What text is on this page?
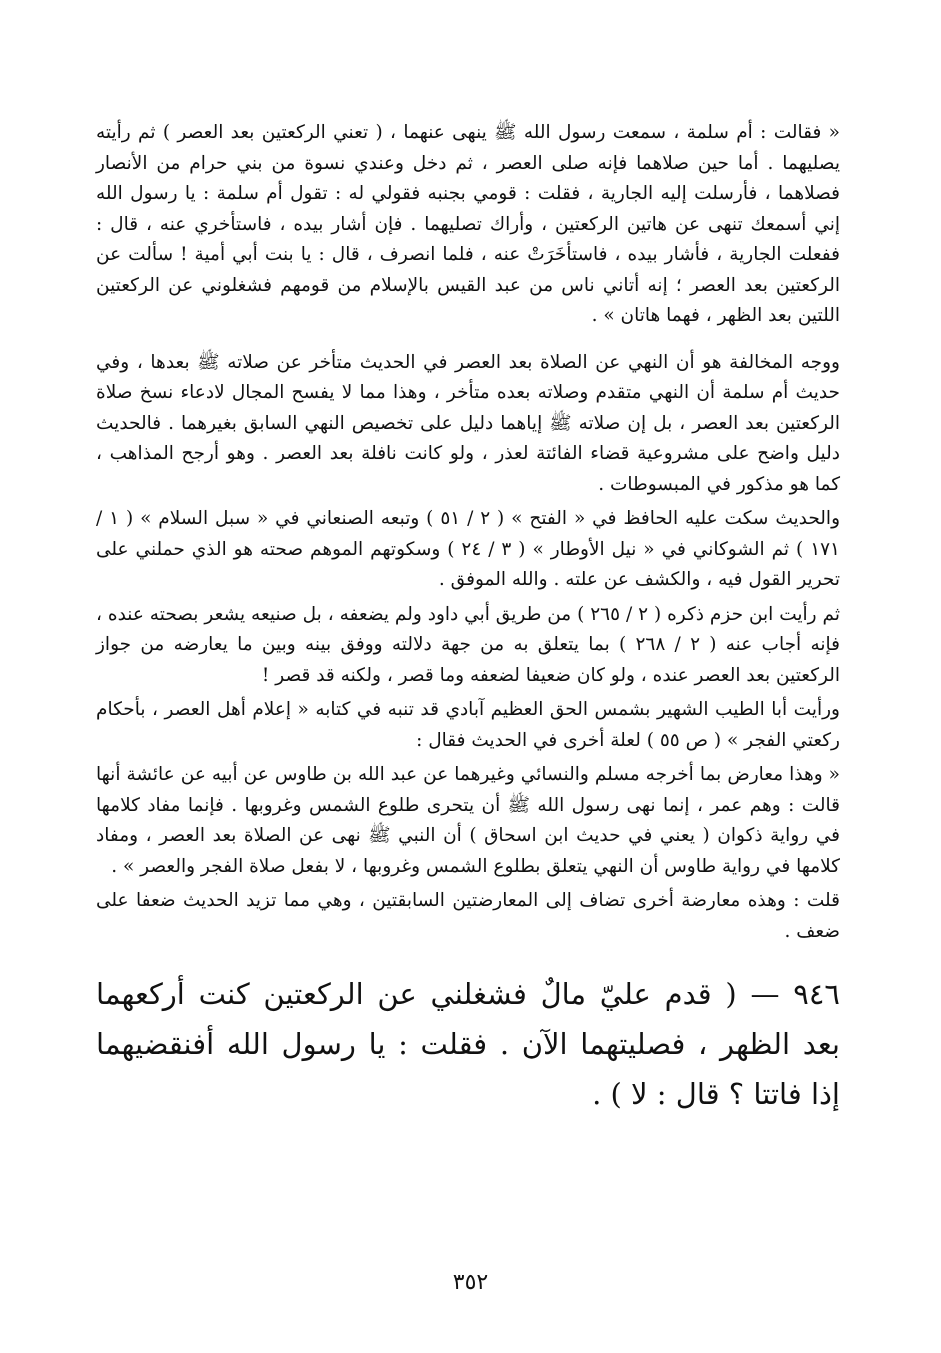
« فقالت : أم سلمة ، سمعت رسول الله ﷺ ينهى عنهما ، ( تعني الركعتين بعد العصر ) ثم رأيته يصليهما . أما حين صلاهما فإنه صلى العصر ، ثم دخل وعندي نسوة من بني حرام من الأنصار فصلاهما ، فأرسلت إليه الجارية ، فقلت : قومي بجنبه فقولي له : تقول أم سلمة : يا رسول الله إني أسمعك تنهى عن هاتين الركعتين ، وأراك تصليهما . فإن أشار بيده ، فاستأخري عنه ، قال : ففعلت الجارية ، فأشار بيده ، فاستأخَرَتْ عنه ، فلما انصرف ، قال : يا بنت أبي أمية ! سألت عن الركعتين بعد العصر ؛ إنه أتاني ناس من عبد القيس بالإسلام من قومهم فشغلوني عن الركعتين اللتين بعد الظهر ، فهما هاتان » .

ووجه المخالفة هو أن النهي عن الصلاة بعد العصر في الحديث متأخر عن صلاته ﷺ بعدها ، وفي حديث أم سلمة أن النهي متقدم وصلاته بعده متأخر ، وهذا مما لا يفسح المجال لادعاء نسخ صلاة الركعتين بعد العصر ، بل إن صلاته ﷺ إياهما دليل على تخصيص النهي السابق بغيرهما . فالحديث دليل واضح على مشروعية قضاء الفائتة لعذر ، ولو كانت نافلة بعد العصر . وهو أرجح المذاهب ، كما هو مذكور في المبسوطات .

والحديث سكت عليه الحافظ في « الفتح » ( ٢ / ٥١ ) وتبعه الصنعاني في « سبل السلام » ( ١ / ١٧١ ) ثم الشوكاني في « نيل الأوطار » ( ٣ / ٢٤ ) وسكوتهم الموهم صحته هو الذي حملني على تحرير القول فيه ، والكشف عن علته . والله الموفق .

ثم رأيت ابن حزم ذكره ( ٢ / ٢٦٥ ) من طريق أبي داود ولم يضعفه ، بل صنيعه يشعر بصحته عنده ، فإنه أجاب عنه ( ٢ / ٢٦٨ ) بما يتعلق به من جهة دلالته ووفق بينه وبين ما يعارضه من جواز الركعتين بعد العصر عنده ، ولو كان ضعيفا لضعفه وما قصر ، ولكنه قد قصر !

ورأيت أبا الطيب الشهير بشمس الحق العظيم آبادي قد تنبه في كتابه « إعلام أهل العصر ، بأحكام ركعتي الفجر » ( ص ٥٥ ) لعلة أخرى في الحديث فقال :

« وهذا معارض بما أخرجه مسلم والنسائي وغيرهما عن عبد الله بن طاوس عن أبيه عن عائشة أنها قالت : وهم عمر ، إنما نهى رسول الله ﷺ أن يتحرى طلوع الشمس وغروبها . فإنما مفاد كلامها في رواية ذكوان ( يعني في حديث ابن اسحاق ) أن النبي ﷺ نهى عن الصلاة بعد العصر ، ومفاد كلامها في رواية طاوس أن النهي يتعلق بطلوع الشمس وغروبها ، لا بفعل صلاة الفجر والعصر » .

قلت : وهذه معارضة أخرى تضاف إلى المعارضتين السابقتين ، وهي مما تزيد الحديث ضعفا على ضعف .

٩٤٦ — ( قدم عليّ مالٌ فشغلني عن الركعتين كنت أركعهما بعد الظهر ، فصليتهما الآن . فقلت : يا رسول الله أفنقضيهما إذا فاتتا ؟ قال : لا ) .

٣٥٢
